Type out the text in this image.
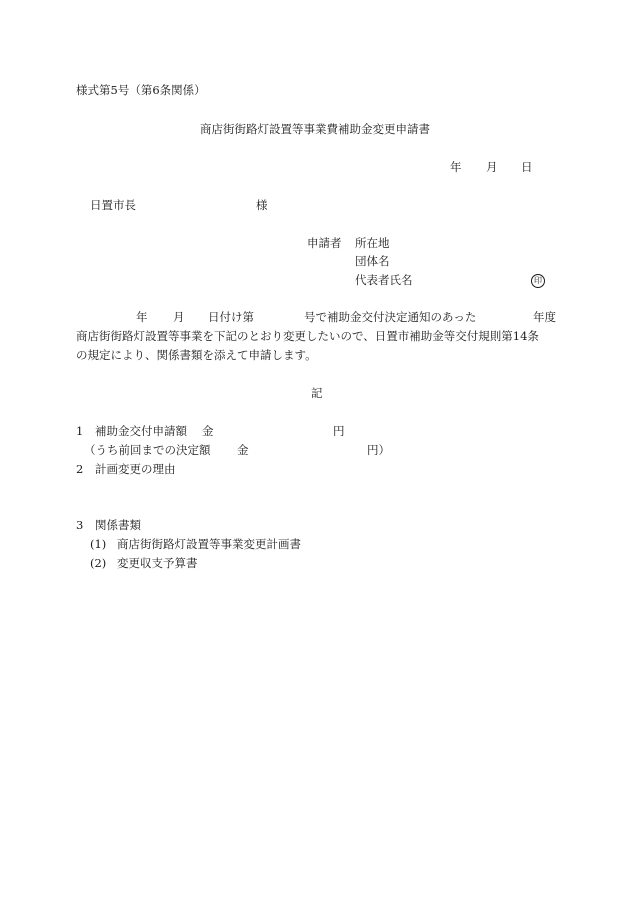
様式第5号（第6条関係）
商店街街路灯設置等事業費補助金変更申請書
年 月 日
日置市長	様
申請者 所在地
団体名
代表者氏名	印
年 月 日付け第	号で補助金交付決定通知のあった	年度
商店街街路灯設置等事業を下記のとおり変更したいので、日置市補助金等交付規則第14条
の規定により、関係書類を添えて申請します。
記
1 補助金交付申請額 金	円
（うち前回までの決定額 金	円）
2 計画変更の理由
3 関係書類
(1) 商店街街路灯設置等事業変更計画書
(2) 変更収支予算書
